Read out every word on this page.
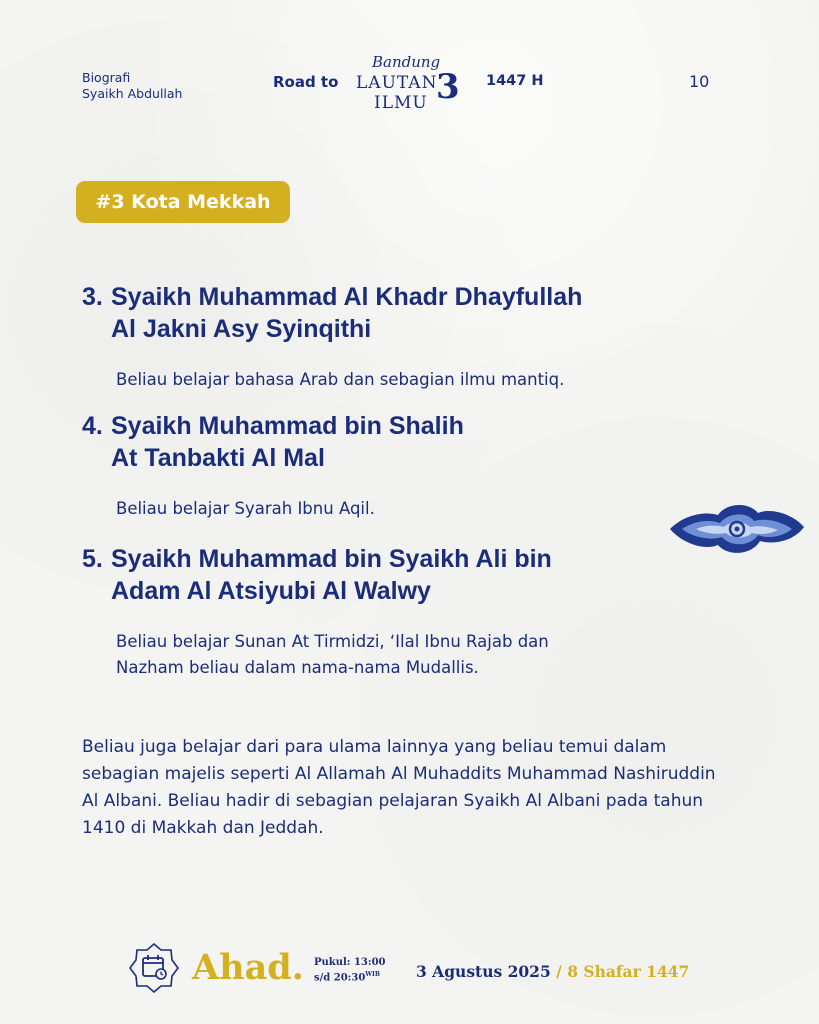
Biografi
Syaikh Abdullah
Road to
Bandung
LAUTAN
3
ILMU
1447 H	10
#3 Kota Mekkah
3. Syaikh Muhammad Al Khadr Dhayfullah
Al Jakni Asy Syinqithi
Beliau belajar bahasa Arab dan sebagian ilmu mantiq.
4. Syaikh Muhammad bin Shalih
At Tanbakti Al Mal
Beliau belajar Syarah Ibnu Aqil.
5. Syaikh Muhammad bin Syaikh Ali bin
Adam Al Atsiyubi Al Walwy
Beliau belajar Sunan At Tirmidzi, ‘Ilal Ibnu Rajab dan
Nazham beliau dalam nama-nama Mudallis.
Beliau juga belajar dari para ulama lainnya yang beliau temui dalam sebagian majelis seperti Al Allamah Al Muhaddits Muhammad Nashiruddin Al Albani. Beliau hadir di sebagian pelajaran Syaikh Al Albani pada tahun 1410 di Makkah dan Jeddah.
Ahad. Pukul: 13:00
s/d $20:30^{WIB}$	3 Agustus 2025 / 8 Shafar 1447
